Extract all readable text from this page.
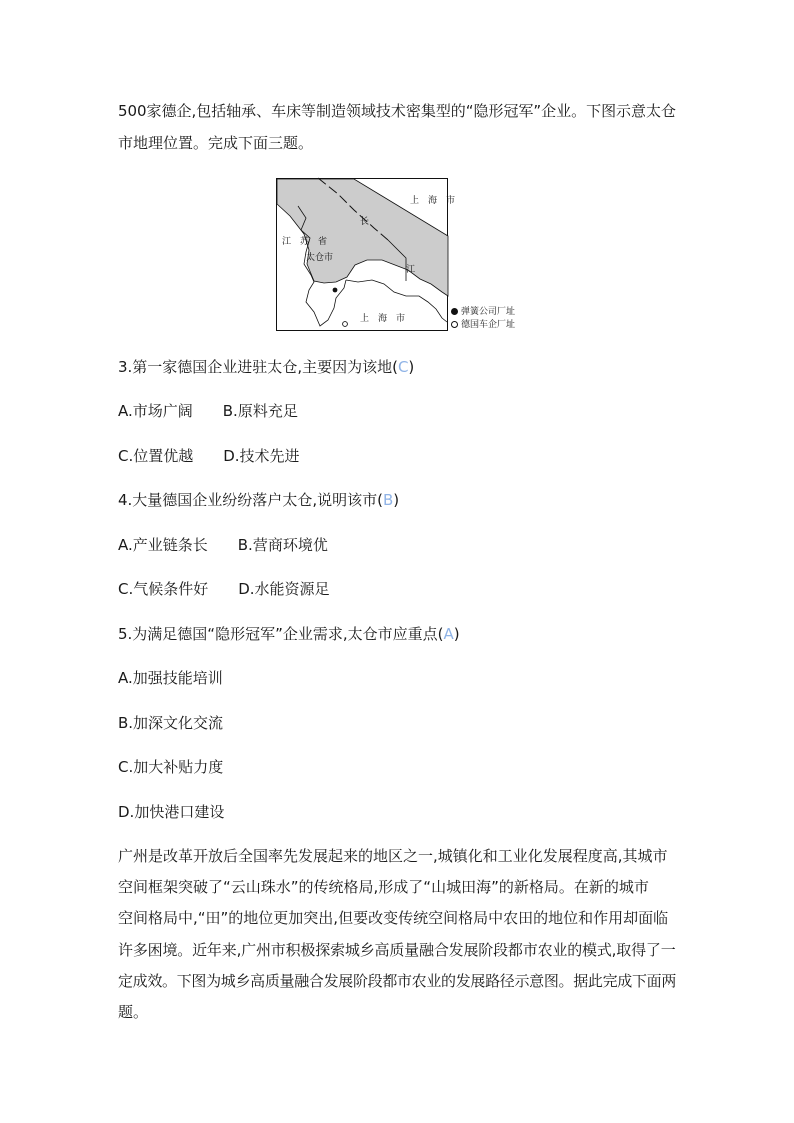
500家德企,包括轴承、车床等制造领域技术密集型的“隐形冠军”企业。下图示意太仓
市地理位置。完成下面三题。
上　海　市
江　苏　省
太仓市
长
江
上　海　市
弹簧公司厂址
德国车企厂址
3.第一家德国企业进驻太仓,主要因为该地(C)
A.市场广阔　　B.原料充足
C.位置优越　　D.技术先进
4.大量德国企业纷纷落户太仓,说明该市(B)
A.产业链条长　　B.营商环境优
C.气候条件好　　D.水能资源足
5.为满足德国“隐形冠军”企业需求,太仓市应重点(A)
A.加强技能培训
B.加深文化交流
C.加大补贴力度
D.加快港口建设
广州是改革开放后全国率先发展起来的地区之一,城镇化和工业化发展程度高,其城市
空间框架突破了“云山珠水”的传统格局,形成了“山城田海”的新格局。在新的城市
空间格局中,“田”的地位更加突出,但要改变传统空间格局中农田的地位和作用却面临
许多困境。近年来,广州市积极探索城乡高质量融合发展阶段都市农业的模式,取得了一
定成效。下图为城乡高质量融合发展阶段都市农业的发展路径示意图。据此完成下面两
题。
